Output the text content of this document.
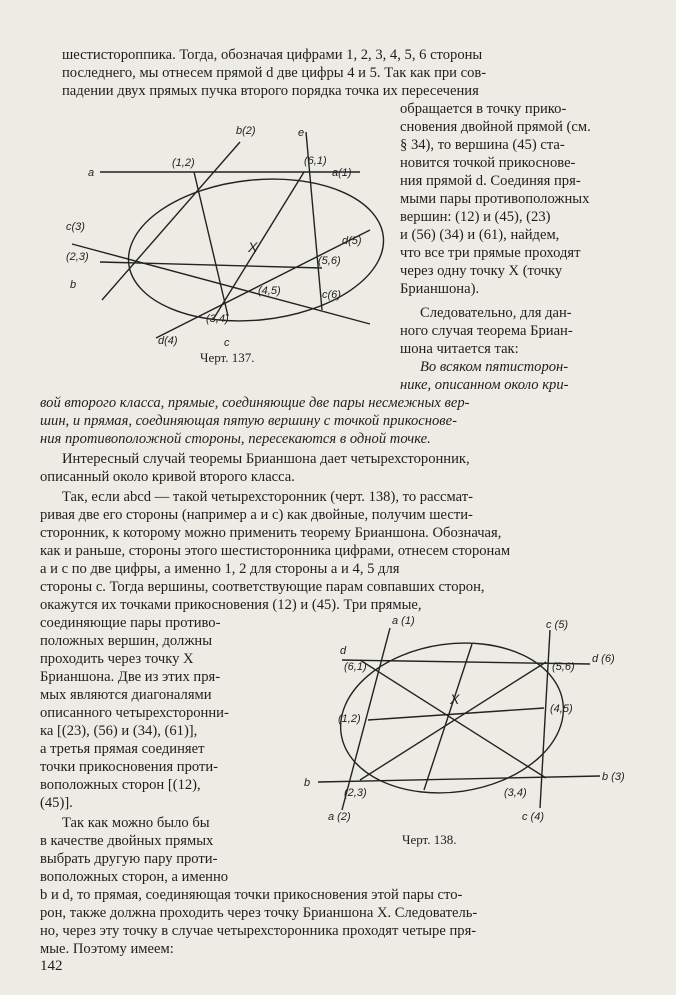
шестистороппика. Тогда, обозначая цифрами 1, 2, 3, 4, 5, 6 стороны
последнего, мы отнесем прямой d две цифры 4 и 5. Так как при сов-
падении двух прямых пучка второго порядка точка их пересечения
обращается в точку прико-
сновения двойной прямой (см.
§ 34), то вершина (45) ста-
новится точкой прикоснове-
ния прямой d. Соединяя пря-
мыми пары противоположных
вершин: (12) и (45), (23)
и (56) (34) и (61), найдем,
что все три прямые проходят
через одну точку X (точку
Брианшона).
Следовательно, для дан-
ного случая теорема Бриан-
шона читается так:
Во всяком пятисторон-
нике, описанном около кри-
b(2)	e
(1,2)	(6,1)
a	a(1)
c(3)
(2,3)
b
X	d(5)
(5,6)
(4,5)	c(6)
(3,4)
d(4)	c
Черт. 137.
вой второго класса, прямые, соединяющие две пары несмежных вер-
шин, и прямая, соединяющая пятую вершину с точкой прикоснове-
ния противоположной стороны, пересекаются в одной точке.
Интересный случай теоремы Брианшона дает четырехсторонник,
описанный около кривой второго класса.
Так, если abcd — такой четырехсторонник (черт. 138), то рассмат-
ривая две его стороны (например a и c) как двойные, получим шести-
сторонник, к которому можно применить теорему Брианшона. Обозначая,
как и раньше, стороны этого шестисторонника цифрами, отнесем сторонам
a и c по две цифры, а именно 1, 2 для стороны a и 4, 5 для
стороны c. Тогда вершины, соответствующие парам совпавших сторон,
окажутся их точками прикосновения (12) и (45). Три прямые,
соединяющие пары противо-
положных вершин, должны
проходить через точку X
Брианшона. Две из этих пря-
мых являются диагоналями
описанного четырехсторонни-
ка [(23), (56) и (34), (61)],
а третья прямая соединяет
точки прикосновения проти-
воположных сторон [(12),
(45)].
Так как можно было бы
в качестве двойных прямых
выбрать другую пару проти-
воположных сторон, а именно
a (1)	c (5)
d
(6,1)	(5,6)
d (6)
X
(1,2)
(4,5)
b
(2,3)	(3,4)
b (3)
a (2)	c (4)
Черт. 138.
b и d, то прямая, соединяющая точки прикосновения этой пары сто-
рон, также должна проходить через точку Брианшона X. Следователь-
но, через эту точку в случае четырехсторонника проходят четыре пря-
мые. Поэтому имеем:
142
